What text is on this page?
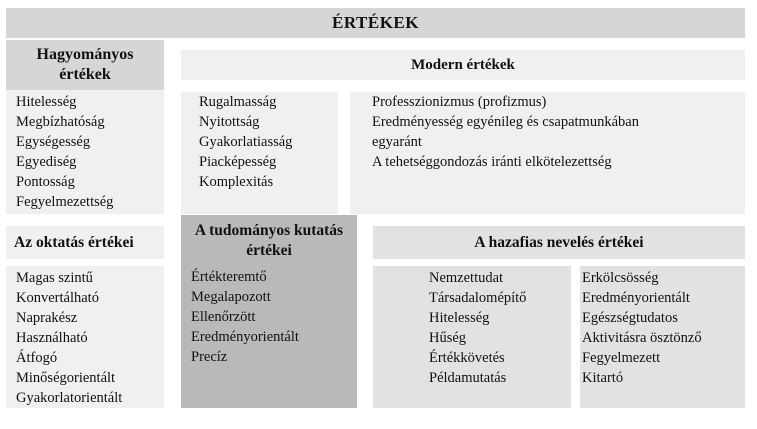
ÉRTÉKEK
Hagyományos értékek
Hitelesség
Megbízhatóság
Egységesség
Egyediség
Pontosság
Fegyelmezettség
Modern értékek
Rugalmasság
Nyitottság
Gyakorlatiasság
Piacképesség
Komplexitás
Professzionizmus (profizmus)
Eredményesség egyénileg és csapatmunkában
egyaránt
A tehetséggondozás iránti elkötelezettség
Az oktatás értékei
Magas szintű
Konvertálható
Naprakész
Használható
Átfogó
Minőségorientált
Gyakorlatorientált
A tudományos kutatás értékei
Értékteremtő
Megalapozott
Ellenőrzött
Eredményorientált
Precíz
A hazafias nevelés értékei
Nemzettudat
Társadalomépítő
Hitelesség
Hűség
Értékkövetés
Példamutatás
Erkölcsösség
Eredményorientált
Egészségtudatos
Aktivitásra ösztönző
Fegyelmezett
Kitartó
